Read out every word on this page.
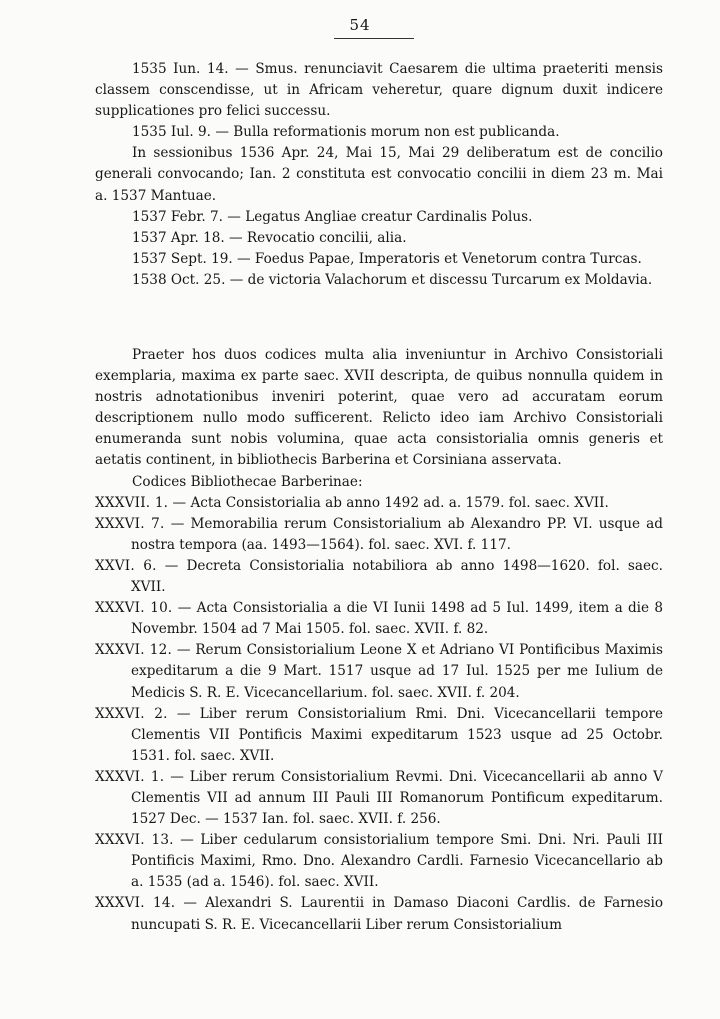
54

1535 Iun. 14. — Smus. renunciavit Caesarem die ultima praeteriti mensis classem conscendisse, ut in Africam veheretur, quare dignum duxit indicere supplicationes pro felici successu.

1535 Iul. 9. — Bulla reformationis morum non est publicanda.

In sessionibus 1536 Apr. 24, Mai 15, Mai 29 deliberatum est de concilio generali convocando; Ian. 2 constituta est convocatio concilii in diem 23 m. Mai a. 1537 Mantuae.

1537 Febr. 7. — Legatus Angliae creatur Cardinalis Polus.

1537 Apr. 18. — Revocatio concilii, alia.

1537 Sept. 19. — Foedus Papae, Imperatoris et Venetorum contra Turcas.

1538 Oct. 25. — de victoria Valachorum et discessu Turcarum ex Moldavia.

Praeter hos duos codices multa alia inveniuntur in Archivo Consistoriali exemplaria, maxima ex parte saec. XVII descripta, de quibus nonnulla quidem in nostris adnotationibus inveniri poterint, quae vero ad accuratam eorum descriptionem nullo modo sufficerent. Relicto ideo iam Archivo Consistoriali enumeranda sunt nobis volumina, quae acta consistorialia omnis generis et aetatis continent, in bibliothecis Barberina et Corsiniana asservata.

Codices Bibliothecae Barberinae:

XXXVII. 1. — Acta Consistorialia ab anno 1492 ad. a. 1579. fol. saec. XVII.

XXXVI. 7. — Memorabilia rerum Consistorialium ab Alexandro PP. VI. usque ad nostra tempora (aa. 1493—1564). fol. saec. XVI. f. 117.

XXVI. 6. — Decreta Consistorialia notabiliora ab anno 1498—1620. fol. saec. XVII.

XXXVI. 10. — Acta Consistorialia a die VI Iunii 1498 ad 5 Iul. 1499, item a die 8 Novembr. 1504 ad 7 Mai 1505. fol. saec. XVII. f. 82.

XXXVI. 12. — Rerum Consistorialium Leone X et Adriano VI Pontificibus Maximis expeditarum a die 9 Mart. 1517 usque ad 17 Iul. 1525 per me Iulium de Medicis S. R. E. Vicecancellarium. fol. saec. XVII. f. 204.

XXXVI. 2. — Liber rerum Consistorialium Rmi. Dni. Vicecancellarii tempore Clementis VII Pontificis Maximi expeditarum 1523 usque ad 25 Octobr. 1531. fol. saec. XVII.

XXXVI. 1. — Liber rerum Consistorialium Revmi. Dni. Vicecancellarii ab anno V Clementis VII ad annum III Pauli III Romanorum Pontificum expeditarum. 1527 Dec. — 1537 Ian. fol. saec. XVII. f. 256.

XXXVI. 13. — Liber cedularum consistorialium tempore Smi. Dni. Nri. Pauli III Pontificis Maximi, Rmo. Dno. Alexandro Cardli. Farnesio Vicecancellario ab a. 1535 (ad a. 1546). fol. saec. XVII.

XXXVI. 14. — Alexandri S. Laurentii in Damaso Diaconi Cardlis. de Farnesio nuncupati S. R. E. Vicecancellarii Liber rerum Consistorialium
